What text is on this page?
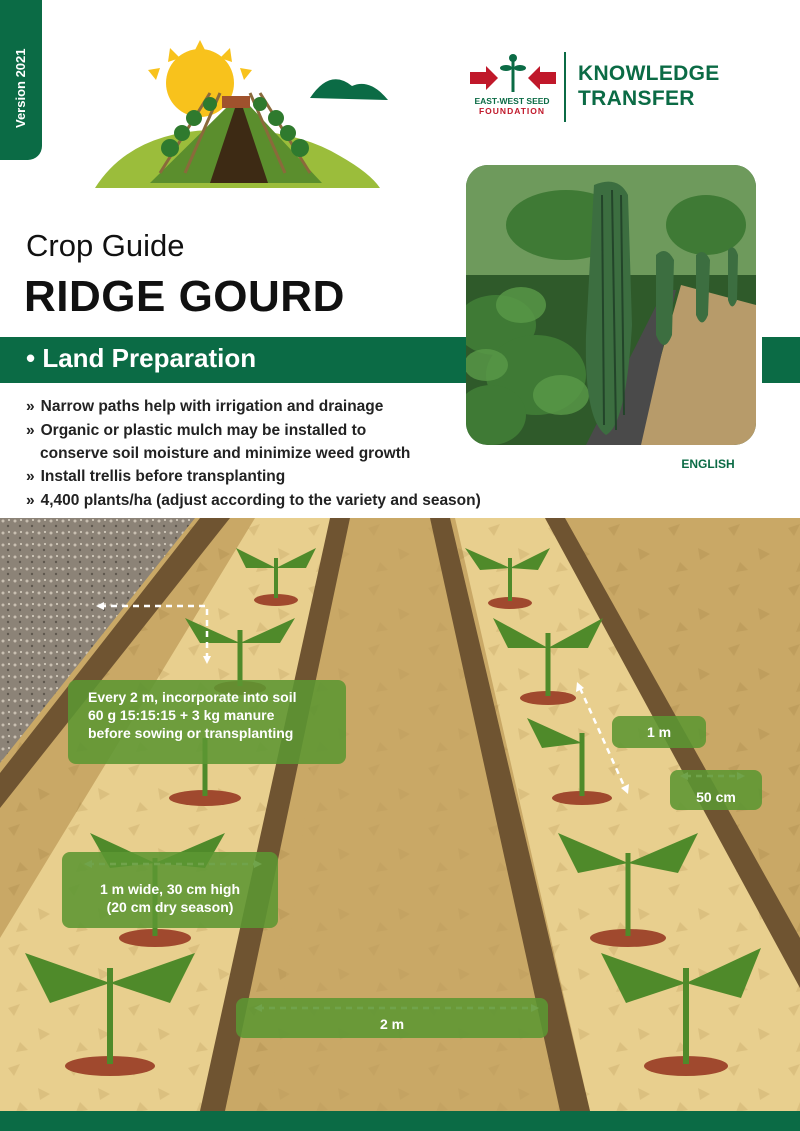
Version 2021	EAST-WEST SEED
FOUNDATION
KNOWLEDGE
TRANSFER
ENGLISH
Crop Guide
RIDGE GOURD
• Land Preparation
» Narrow paths help with irrigation and drainage
» Organic or plastic mulch may be installed to
conserve soil moisture and minimize weed growth
» Install trellis before transplanting
» 4,400 plants/ha (adjust according to the variety and season)
Every 2 m, incorporate into soil
60 g 15:15:15 + 3 kg manure
before sowing or transplanting
1 m wide, 30 cm high
(20 cm dry season)
1 m
50 cm
2 m
